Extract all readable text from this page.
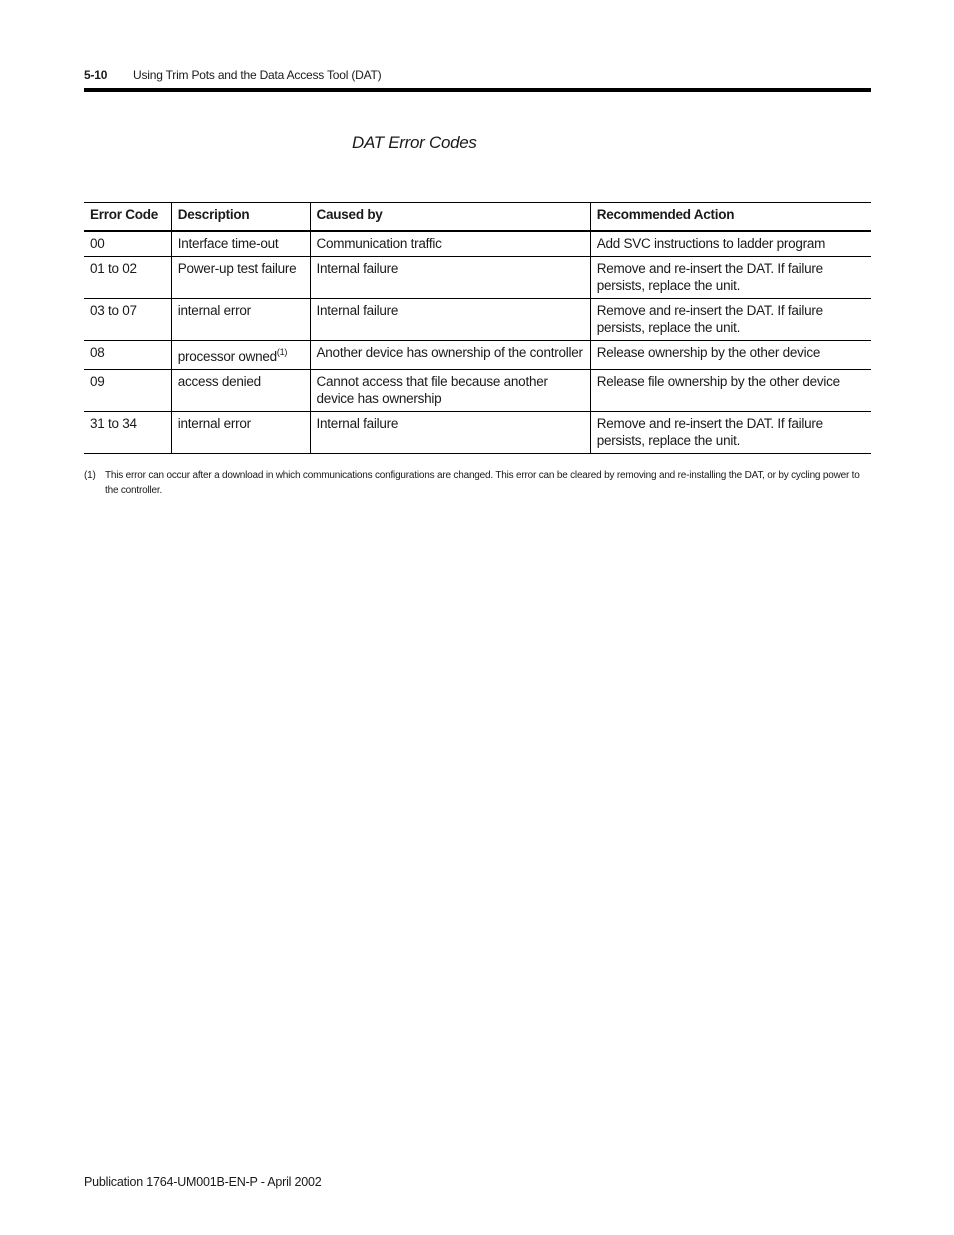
5-10 Using Trim Pots and the Data Access Tool (DAT)
DAT Error Codes
Error Code	Description	Caused by	Recommended Action
00	Interface time-out	Communication traffic	Add SVC instructions to ladder program
01 to 02	Power-up test failure	Internal failure	Remove and re-insert the DAT. If failure persists, replace the unit.
03 to 07	internal error	Internal failure	Remove and re-insert the DAT. If failure persists, replace the unit.
08	processor owned$^{(1)}$	Another device has ownership of the controller	Release ownership by the other device
09	access denied	Cannot access that file because another device has ownership	Release file ownership by the other device
31 to 34	internal error	Internal failure	Remove and re-insert the DAT. If failure persists, replace the unit.
(1) This error can occur after a download in which communications configurations are changed. This error can be cleared by removing and re-installing the DAT, or by cycling power to the controller.
Publication 1764-UM001B-EN-P - April 2002
